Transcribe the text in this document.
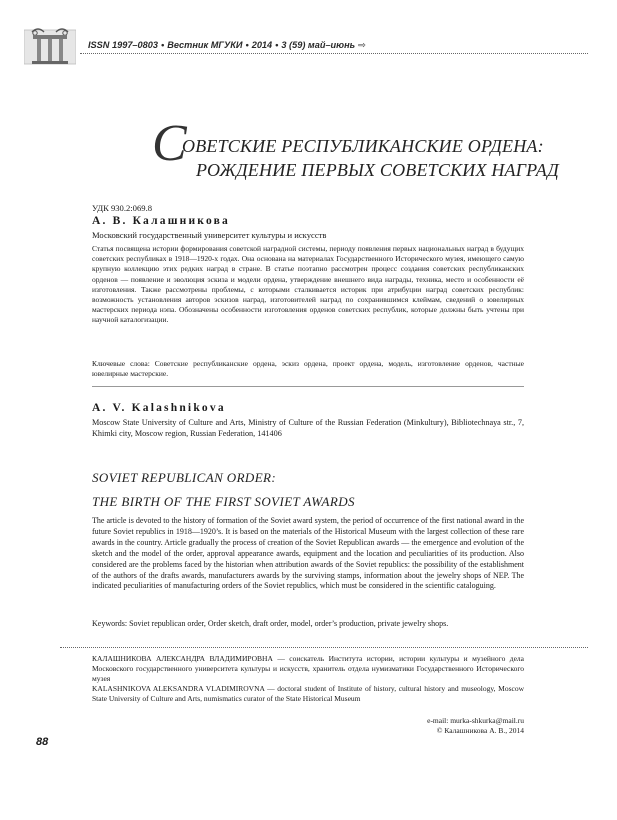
ISSN 1997–0803 • Вестник МГУКИ • 2014 • 3 (59) май–июнь ⇨
С
ОВЕТСКИЕ РЕСПУБЛИКАНСКИЕ ОРДЕНА:
РОЖДЕНИЕ ПЕРВЫХ СОВЕТСКИХ НАГРАД
УДК 930.2:069.8
А. В. Калашникова
Московский государственный университет культуры и искусств
Статья посвящена истории формирования советской наградной системы, периоду появления первых национальных наград в будущих советских республиках в 1918—1920-х годах. Она основана на материалах Государственного Исторического музея, имеющего самую крупную коллекцию этих редких наград в стране. В статье поэтапно рассмотрен процесс создания советских республиканских орденов — появление и эволюция эскиза и модели ордена, утверждение внешнего вида награды, техника, место и особенности её изготовления. Также рассмотрены проблемы, с которыми сталкивается историк при атрибуции наград советских республик: возможность установления авторов эскизов наград, изготовителей наград по сохранившимся клеймам, сведений о ювелирных мастерских периода нэпа. Обозначены особенности изготовления орденов советских республик, которые должны быть учтены при научной каталогизации.
Ключевые слова: Советские республиканские ордена, эскиз ордена, проект ордена, модель, изготовление орденов, частные ювелирные мастерские.
A. V. Kalashnikova
Moscow State University of Culture and Arts, Ministry of Culture of the Russian Federation (Minkultury), Bibliotechnaya str., 7, Khimki city, Moscow region, Russian Federation, 141406
SOVIET REPUBLICAN ORDER:
THE BIRTH OF THE FIRST SOVIET AWARDS
The article is devoted to the history of formation of the Soviet award system, the period of occurrence of the first national award in the future Soviet republics in 1918—1920’s. It is based on the materials of the Historical Museum with the largest collection of these rare awards in the country. Article gradually the process of creation of the Soviet Republican awards — the emergence and evolution of the sketch and the model of the order, approval appearance awards, equipment and the location and peculiarities of its production. Also considered are the problems faced by the historian when attribution awards of the Soviet republics: the possibility of the establishment of the authors of the drafts awards, manufacturers awards by the surviving stamps, information about the jewelry shops of NEP. The indicated peculiarities of manufacturing orders of the Soviet republics, which must be considered in the scientific cataloguing.
Keywords: Soviet republican order, Order sketch, draft order, model, order’s production, private jewelry shops.
КАЛАШНИКОВА АЛЕКСАНДРА ВЛАДИМИРОВНА — соискатель Института истории, истории культуры и музейного дела Московского государственного университета культуры и искусств, хранитель отдела нумизматики Государственного Исторического музея
KALASHNIKOVA ALEKSANDRA VLADIMIROVNA — doctoral student of Institute of history, cultural history and museology, Moscow State University of Culture and Arts, numismatics curator of the State Historical Museum
e-mail: murka-shkurka@mail.ru
© Калашникова А. В., 2014
88
